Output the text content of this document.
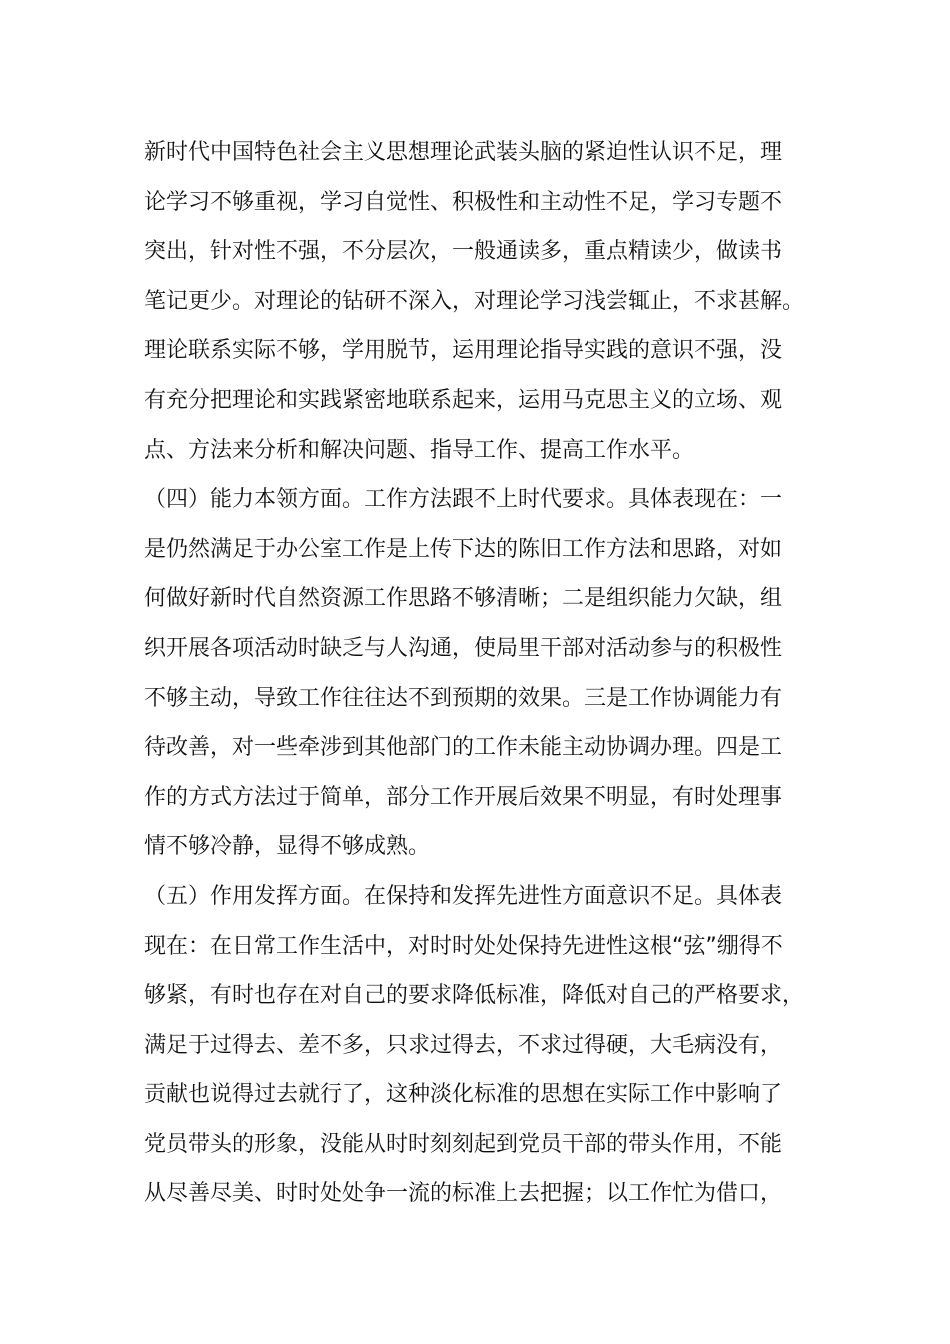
新时代中国特色社会主义思想理论武装头脑的紧迫性认识不足，理
论学习不够重视，学习自觉性、积极性和主动性不足，学习专题不
突出，针对性不强，不分层次，一般通读多，重点精读少，做读书
笔记更少。对理论的钻研不深入，对理论学习浅尝辄止，不求甚解。
理论联系实际不够，学用脱节，运用理论指导实践的意识不强，没
有充分把理论和实践紧密地联系起来，运用马克思主义的立场、观
点、方法来分析和解决问题、指导工作、提高工作水平。
（四）能力本领方面。工作方法跟不上时代要求。具体表现在：一
是仍然满足于办公室工作是上传下达的陈旧工作方法和思路，对如
何做好新时代自然资源工作思路不够清晰；二是组织能力欠缺，组
织开展各项活动时缺乏与人沟通，使局里干部对活动参与的积极性
不够主动，导致工作往往达不到预期的效果。三是工作协调能力有
待改善，对一些牵涉到其他部门的工作未能主动协调办理。四是工
作的方式方法过于简单，部分工作开展后效果不明显，有时处理事
情不够冷静，显得不够成熟。
（五）作用发挥方面。在保持和发挥先进性方面意识不足。具体表
现在：在日常工作生活中，对时时处处保持先进性这根“弦”绷得不
够紧，有时也存在对自己的要求降低标准，降低对自己的严格要求，
满足于过得去、差不多，只求过得去，不求过得硬，大毛病没有，
贡献也说得过去就行了，这种淡化标准的思想在实际工作中影响了
党员带头的形象，没能从时时刻刻起到党员干部的带头作用，不能
从尽善尽美、时时处处争一流的标准上去把握；以工作忙为借口，
